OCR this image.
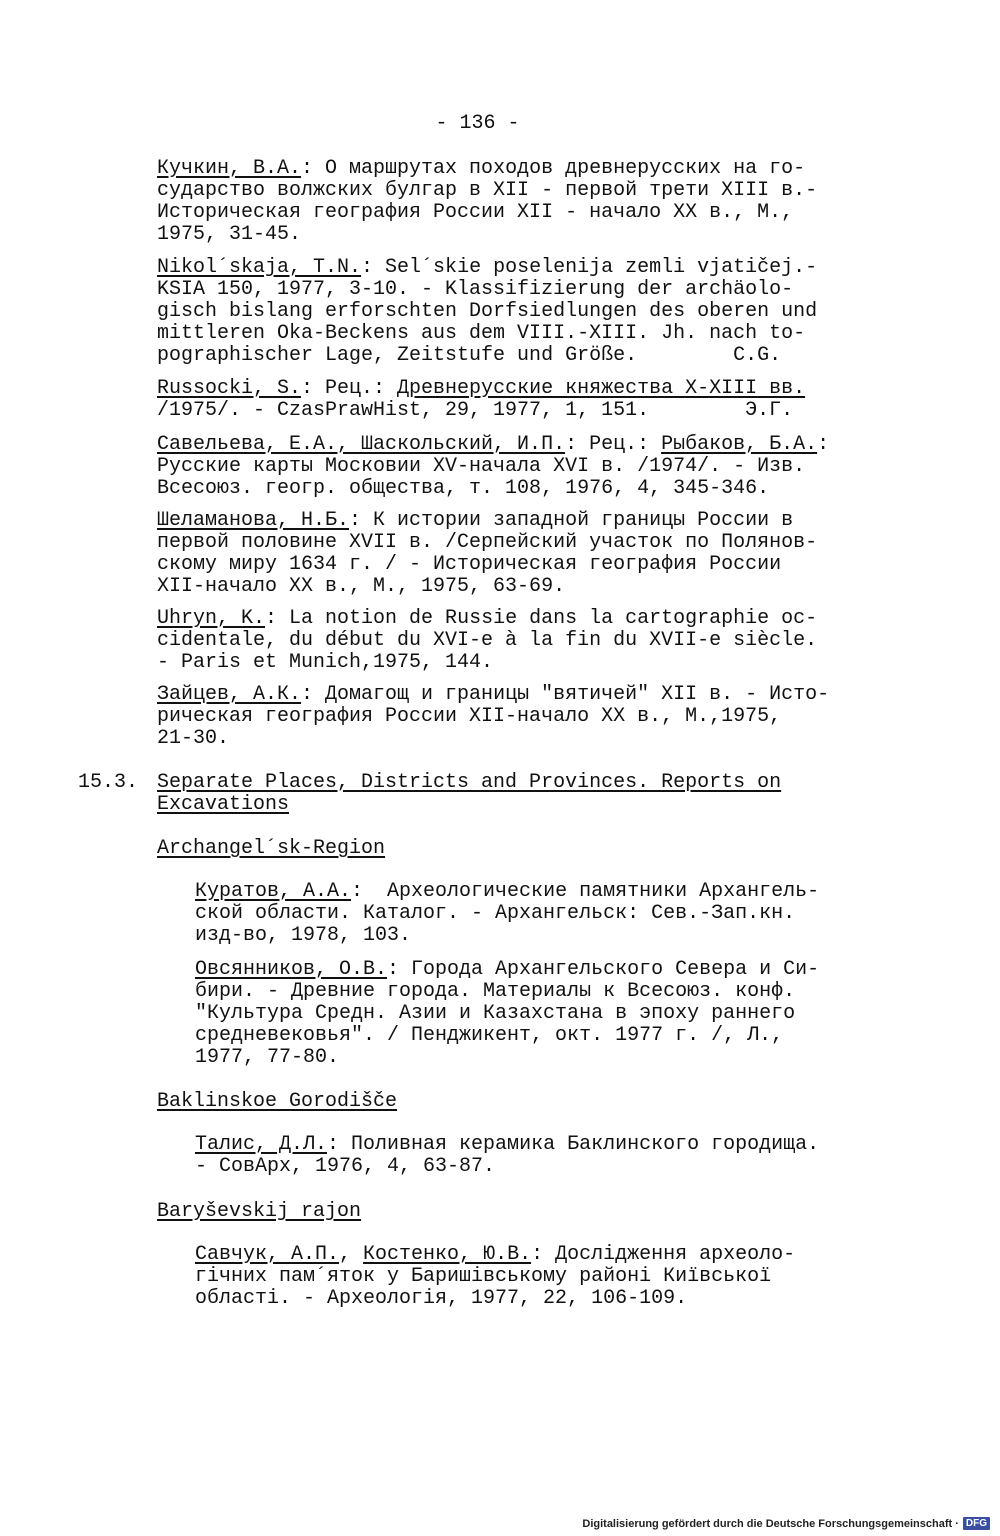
- 136 -
Кучкин, В.А.: О маршрутах походов древнерусских на го-
сударство волжских булгар в XII - первой трети XIII в.-
Историческая география России XII - начало XX в., М.,
1975, 31-45.
Nikol´skaja, T.N.: Sel´skie poselenija zemli vjatičej.-
KSIA 150, 1977, 3-10. - Klassifizierung der archäolo-
gisch bislang erforschten Dorfsiedlungen des oberen und
mittleren Oka-Beckens aus dem VIII.-XIII. Jh. nach to-
pographischer Lage, Zeitstufe und Größe.        C.G.
Russocki, S.: Рец.: Древнерусские княжества X-XIII вв.
/1975/. - CzasPrawHist, 29, 1977, 1, 151.        Э.Г.
Савельева, Е.А., Шаскольский, И.П.: Рец.: Рыбаков, Б.А.:
Русские карты Московии XV-начала XVI в. /1974/. - Изв.
Всесоюз. геогр. общества, т. 108, 1976, 4, 345-346.
Шеламанова, Н.Б.: К истории западной границы России в
первой половине XVII в. /Серпейский участок по Полянов-
скому миру 1634 г. / - Историческая география России
XII-начало XX в., М., 1975, 63-69.
Uhryn, K.: La notion de Russie dans la cartographie oc-
cidentale, du début du XVI-e à la fin du XVII-e siècle.
- Paris et Munich,1975, 144.
Зайцев, А.К.: Домагощ и границы "вятичей" XII в. - Исто-
рическая география России XII-начало XX в., М.,1975,
21-30.
15.3. Separate Places, Districts and Provinces. Reports on
Excavations
Archangel´sk-Region
Куратов, А.А.:  Археологические памятники Архангель-
ской области. Каталог. - Архангельск: Сев.-Зап.кн.
изд-во, 1978, 103.
Овсянников, О.В.: Города Архангельского Севера и Си-
бири. - Древние города. Материалы к Всесоюз. конф.
"Культура Средн. Азии и Казахстана в эпоху раннего
средневековья". / Пенджикент, окт. 1977 г. /, Л.,
1977, 77-80.
Baklinskoe Gorodišče
Талис, Д.Л.: Поливная керамика Баклинского городища.
- СовАрх, 1976, 4, 63-87.
Baryševskij rajon
Савчук, А.П., Костенко, Ю.В.: Дослідження археоло-
гічних пам´яток у Баришівському районі Київської
області. - Археологія, 1977, 22, 106-109.
Digitalisierung gefördert durch die Deutsche Forschungsgemeinschaft · DFG
